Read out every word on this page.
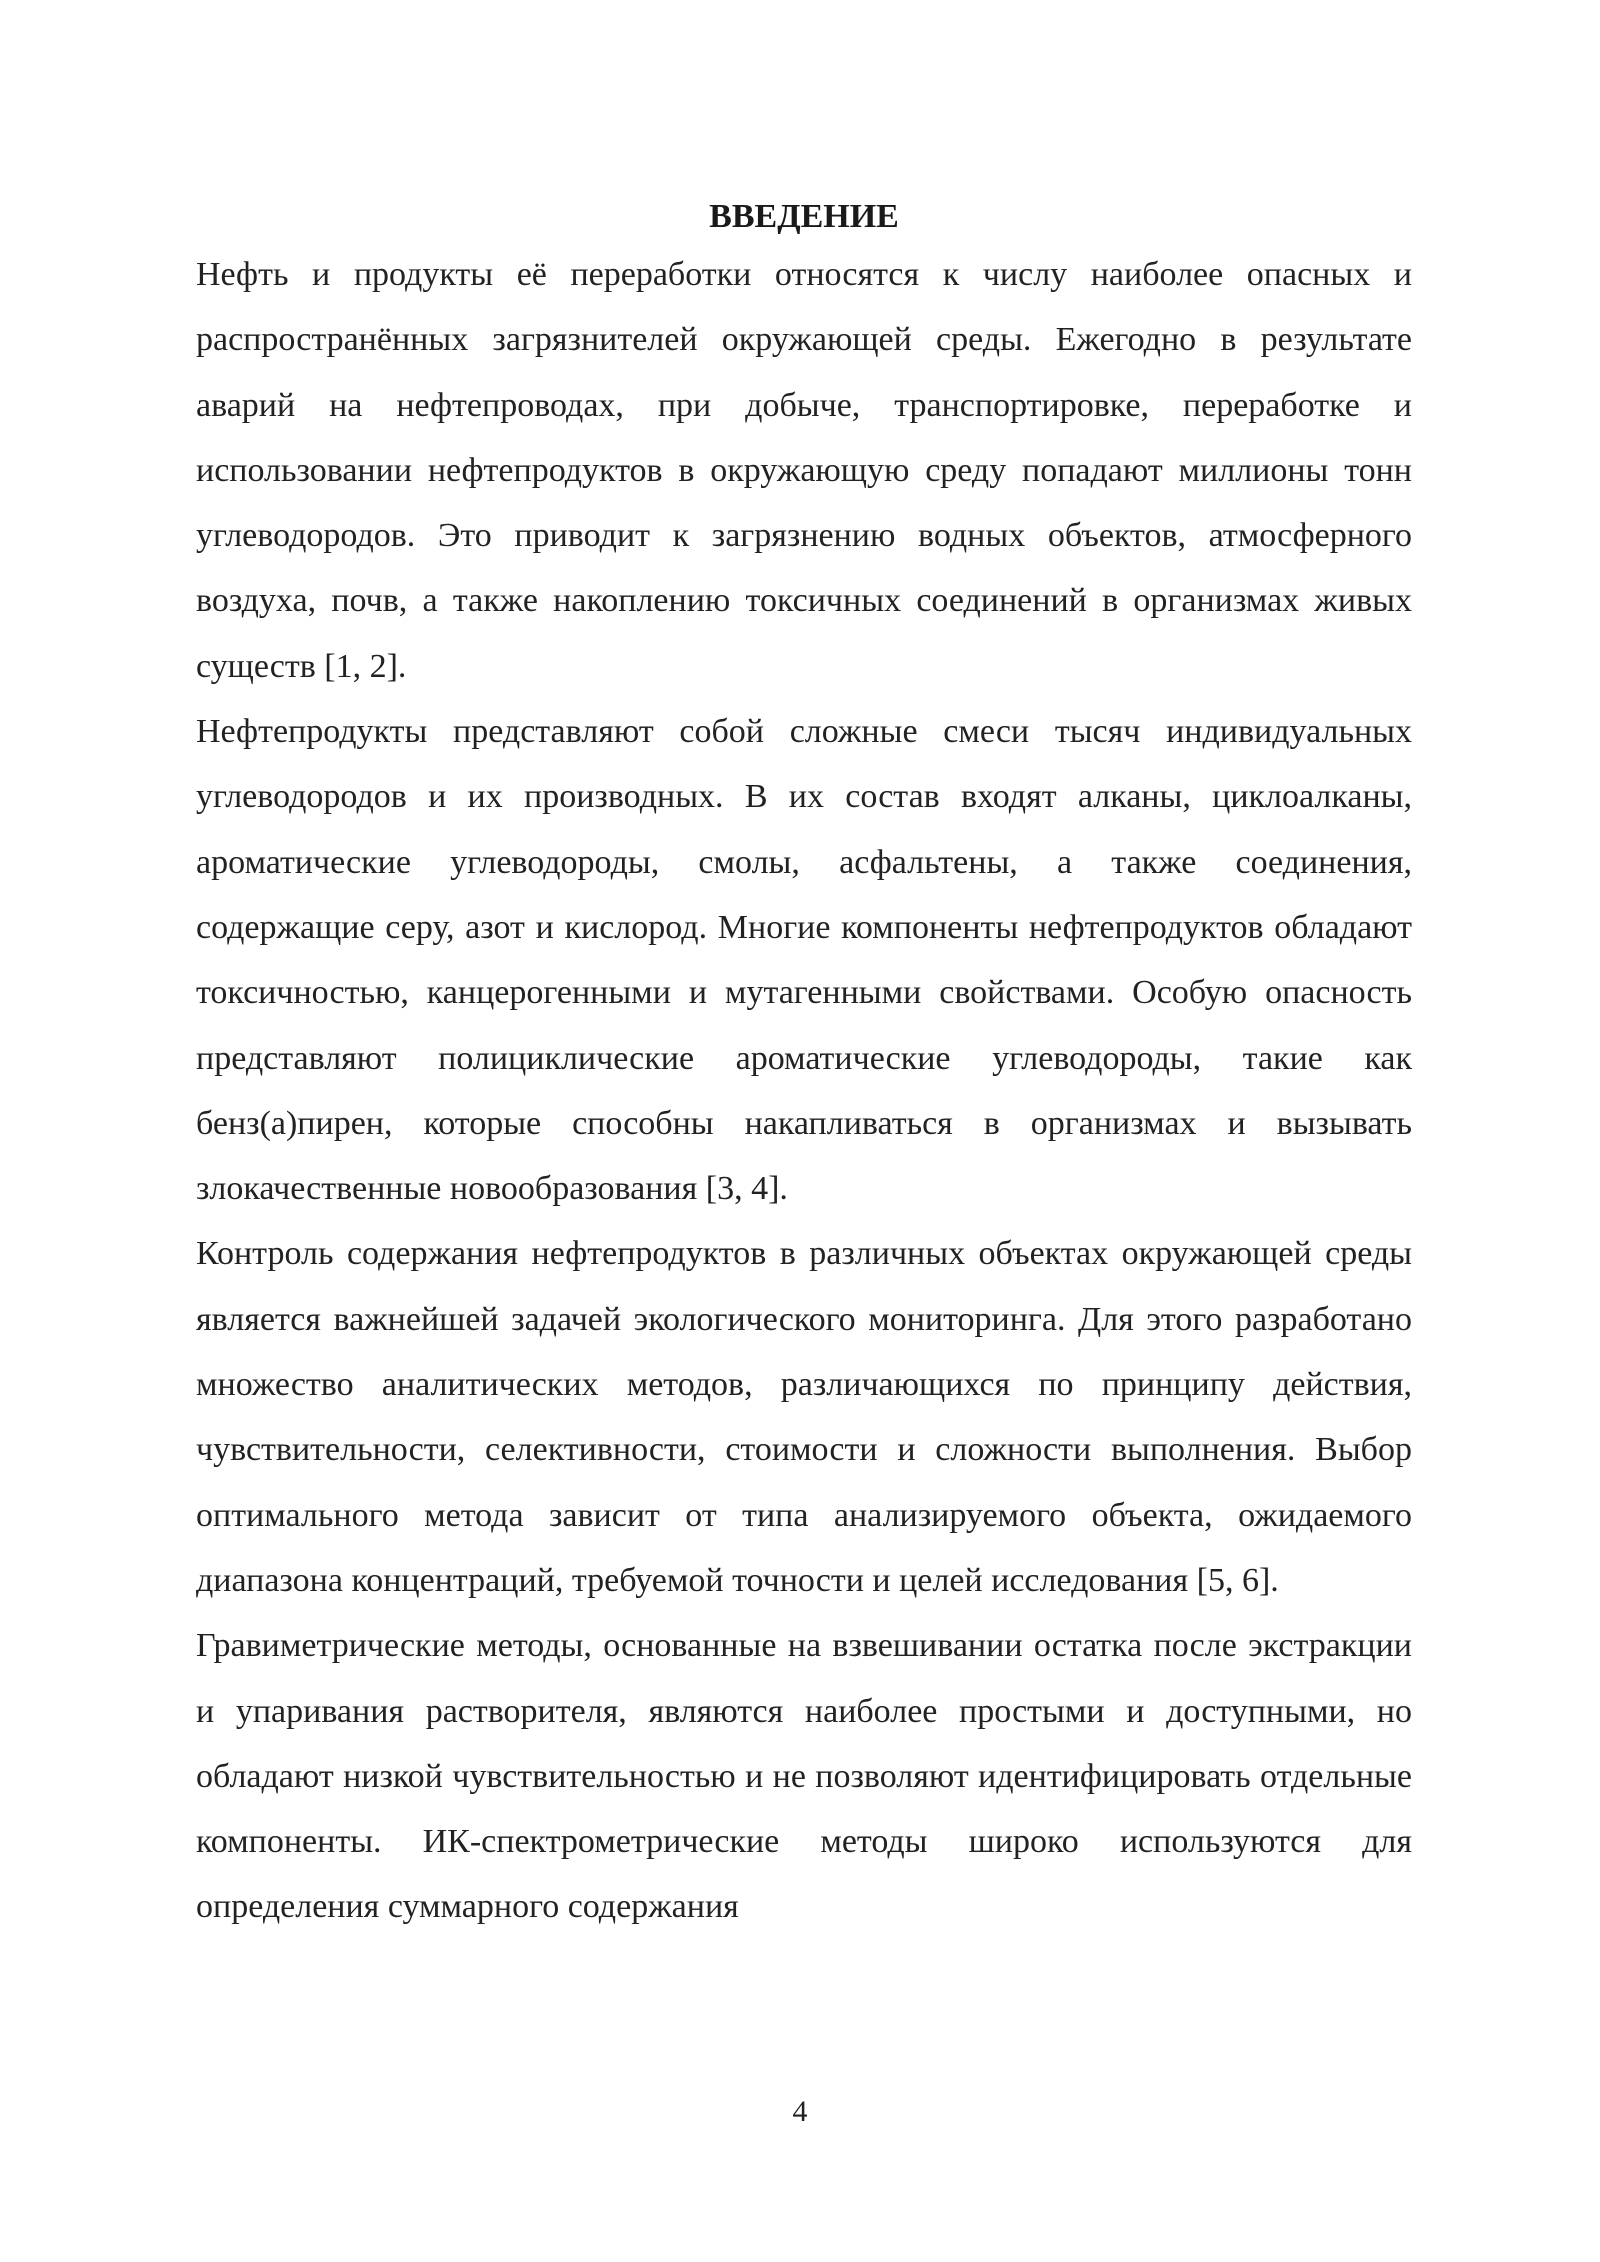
ВВЕДЕНИЕ

Нефть и продукты её переработки относятся к числу наиболее опасных и распространённых загрязнителей окружающей среды. Ежегодно в результате аварий на нефтепроводах, при добыче, транспортировке, переработке и использовании нефтепродуктов в окружающую среду попадают миллионы тонн углеводородов. Это приводит к загрязнению водных объектов, атмосферного воздуха, почв, а также накоплению токсичных соединений в организмах живых существ [1, 2].

Нефтепродукты представляют собой сложные смеси тысяч индивидуальных углеводородов и их производных. В их состав входят алканы, циклоалканы, ароматические углеводороды, смолы, асфальтены, а также соединения, содержащие серу, азот и кислород. Многие компоненты нефтепродуктов обладают токсичностью, канцерогенными и мутагенными свойствами. Особую опасность представляют полициклические ароматические углеводороды, такие как бенз(а)пирен, которые способны накапливаться в организмах и вызывать злокачественные новообразования [3, 4].

Контроль содержания нефтепродуктов в различных объектах окружающей среды является важнейшей задачей экологического мониторинга. Для этого разработано множество аналитических методов, различающихся по принципу действия, чувствительности, селективности, стоимости и сложности выполнения. Выбор оптимального метода зависит от типа анализируемого объекта, ожидаемого диапазона концентраций, требуемой точности и целей исследования [5, 6].

Гравиметрические методы, основанные на взвешивании остатка после экстракции и упаривания растворителя, являются наиболее простыми и доступными, но обладают низкой чувствительностью и не позволяют идентифицировать отдельные компоненты. ИК-спектрометрические методы широко используются для определения суммарного содержания

4
